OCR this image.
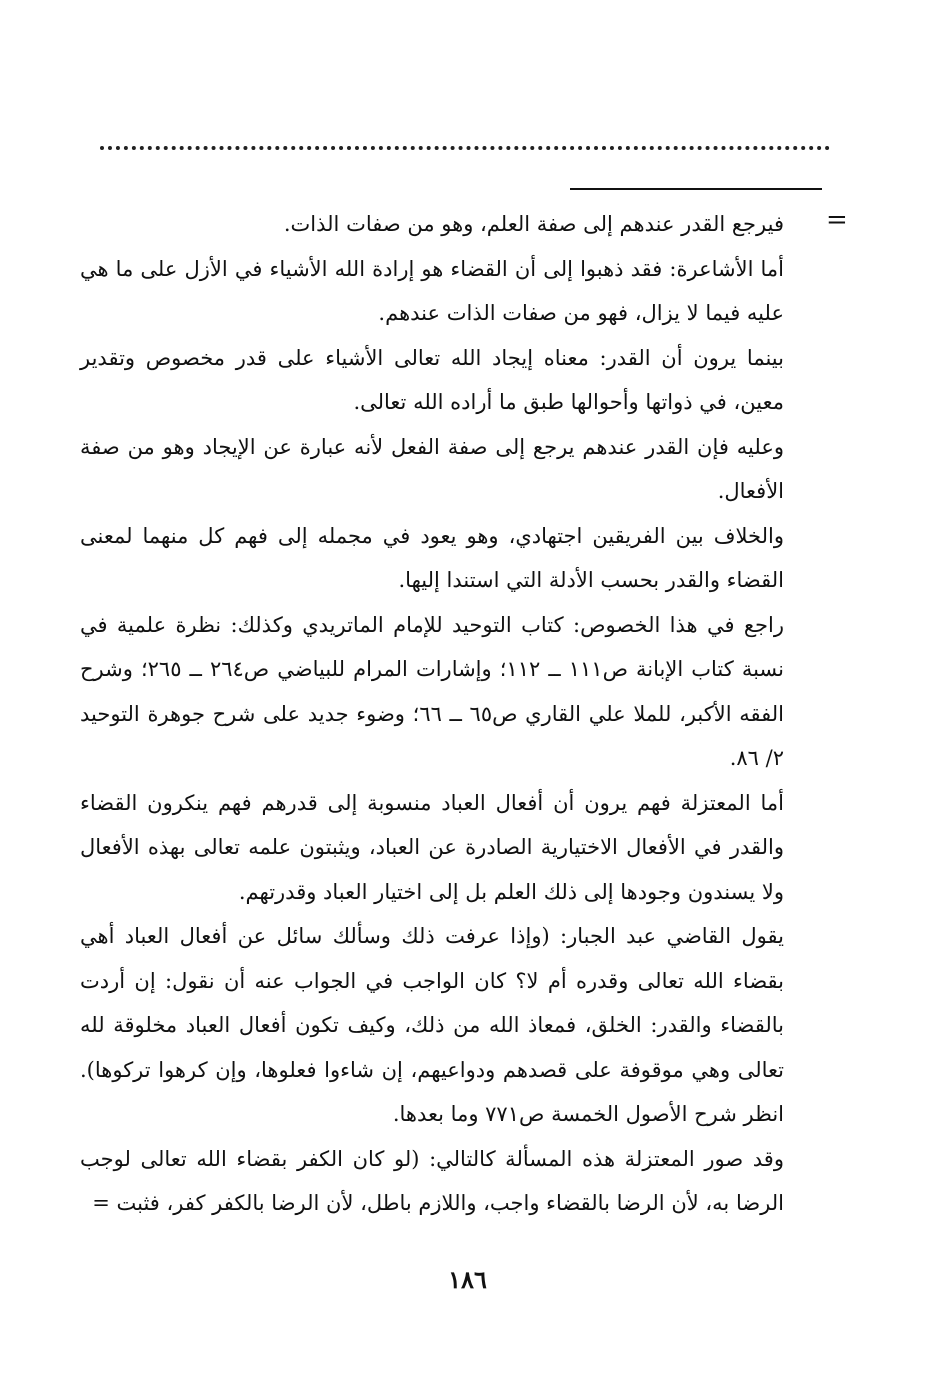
=

فيرجع القدر عندهم إلى صفة العلم، وهو من صفات الذات.

أما الأشاعرة: فقد ذهبوا إلى أن القضاء هو إرادة الله الأشياء في الأزل على ما هي عليه فيما لا يزال، فهو من صفات الذات عندهم.

بينما يرون أن القدر: معناه إيجاد الله تعالى الأشياء على قدر مخصوص وتقدير معين، في ذواتها وأحوالها طبق ما أراده الله تعالى.

وعليه فإن القدر عندهم يرجع إلى صفة الفعل لأنه عبارة عن الإيجاد وهو من صفة الأفعال.

والخلاف بين الفريقين اجتهادي، وهو يعود في مجمله إلى فهم كل منهما لمعنى القضاء والقدر بحسب الأدلة التي استندا إليها.

راجع في هذا الخصوص: كتاب التوحيد للإمام الماتريدي وكذلك: نظرة علمية في نسبة كتاب الإبانة ص١١١ ــ ١١٢؛ وإشارات المرام للبياضي ص٢٦٤ ــ ٢٦٥؛ وشرح الفقه الأكبر، للملا علي القاري ص٦٥ ــ ٦٦؛ وضوء جديد على شرح جوهرة التوحيد ٢/ ٨٦.

أما المعتزلة فهم يرون أن أفعال العباد منسوبة إلى قدرهم فهم ينكرون القضاء والقدر في الأفعال الاختيارية الصادرة عن العباد، ويثبتون علمه تعالى بهذه الأفعال ولا يسندون وجودها إلى ذلك العلم بل إلى اختيار العباد وقدرتهم.

يقول القاضي عبد الجبار: (وإذا عرفت ذلك وسألك سائل عن أفعال العباد أهي بقضاء الله تعالى وقدره أم لا؟ كان الواجب في الجواب عنه أن نقول: إن أردت بالقضاء والقدر: الخلق، فمعاذ الله من ذلك، وكيف تكون أفعال العباد مخلوقة لله تعالى وهي موقوفة على قصدهم ودواعيهم، إن شاءوا فعلوها، وإن كرهوا تركوها). انظر شرح الأصول الخمسة ص٧٧١ وما بعدها.

وقد صور المعتزلة هذه المسألة كالتالي: (لو كان الكفر بقضاء الله تعالى لوجب الرضا به، لأن الرضا بالقضاء واجب، واللازم باطل، لأن الرضا بالكفر كفر، فثبت =

١٨٦
